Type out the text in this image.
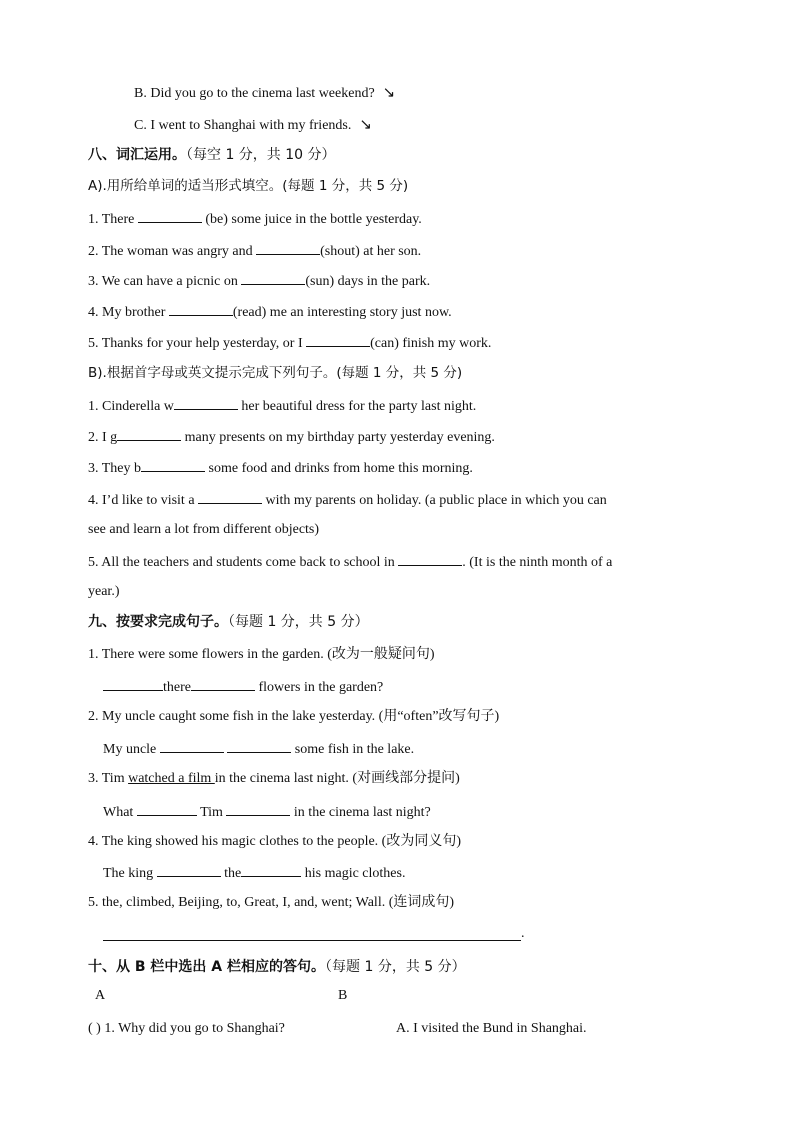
B. Did you go to the cinema last weekend? ↘
C. I went to Shanghai with my friends. ↘
八、词汇运用。（每空 1 分，共 10 分）
A).用所给单词的适当形式填空。(每题 1 分，共 5 分)
1. There	(be) some juice in the bottle yesterday.
2. The woman was angry and	(shout) at her son.
3. We can have a picnic on	(sun) days in the park.
4. My brother	(read) me an interesting story just now.
5. Thanks for your help yesterday, or I	(can) finish my work.
B).根据首字母或英文提示完成下列句子。(每题 1 分，共 5 分)
1. Cinderella w	her beautiful dress for the party last night.
2. I g	many presents on my birthday party yesterday evening.
3. They b	some food and drinks from home this morning.
4. I’d like to visit a	with my parents on holiday. (a public place in which you can
see and learn a lot from different objects)
5. All the teachers and students come back to school in	. (It is the ninth month of a
year.)
九、按要求完成句子。（每题 1 分，共 5 分）
1. There were some flowers in the garden. (改为一般疑问句)
there	flowers in the garden?
2. My uncle caught some fish in the lake yesterday. (用“often”改写句子)
My uncle	some fish in the lake.
3. Tim watched a film in the cinema last night. (对画线部分提问)
What	Tim	in the cinema last night?
4. The king showed his magic clothes to the people. (改为同义句)
The king	the	his magic clothes.
5. the, climbed, Beijing, to, Great, I, and, went; Wall. (连词成句)
.
十、从 B 栏中选出 A 栏相应的答句。（每题 1 分，共 5 分）
A	B
( ) 1. Why did you go to Shanghai?	A. I visited the Bund in Shanghai.
